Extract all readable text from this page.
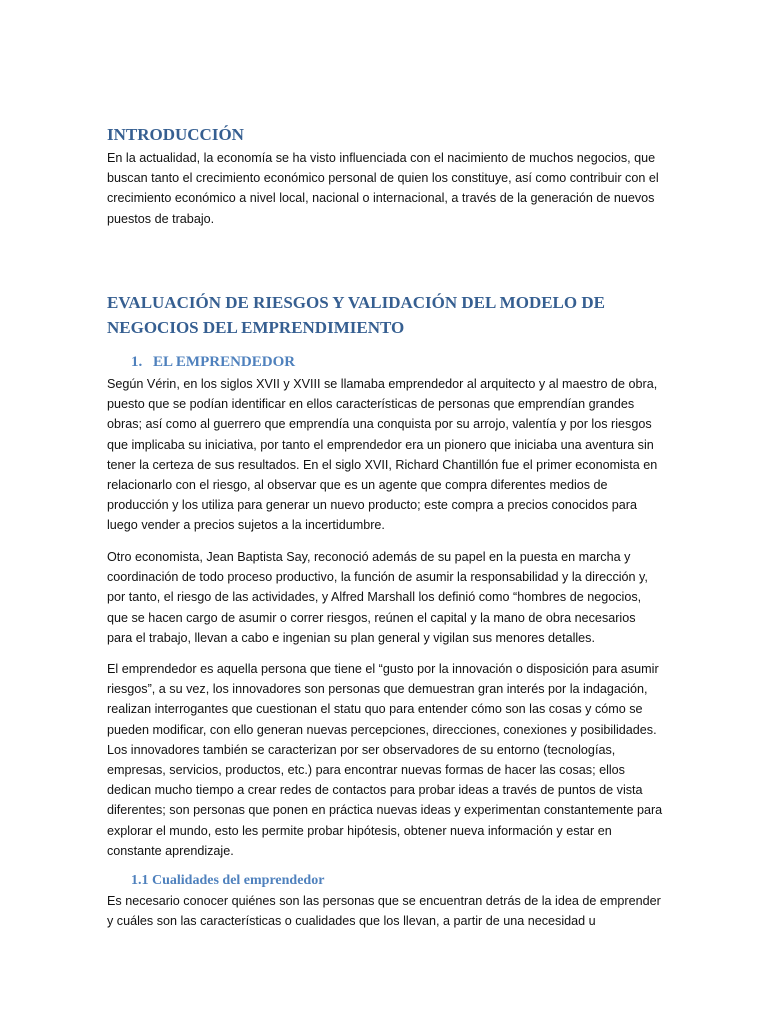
INTRODUCCIÓN

En la actualidad, la economía se ha visto influenciada con el nacimiento de muchos negocios, que buscan tanto el crecimiento económico personal de quien los constituye, así como contribuir con el crecimiento económico a nivel local, nacional o internacional, a través de la generación de nuevos puestos de trabajo.

EVALUACIÓN DE RIESGOS Y VALIDACIÓN DEL MODELO DE NEGOCIOS DEL EMPRENDIMIENTO
1. EL EMPRENDEDOR

Según Vérin, en los siglos XVII y XVIII se llamaba emprendedor al arquitecto y al maestro de obra, puesto que se podían identificar en ellos características de personas que emprendían grandes obras; así como al guerrero que emprendía una conquista por su arrojo, valentía y por los riesgos que implicaba su iniciativa, por tanto el emprendedor era un pionero que iniciaba una aventura sin tener la certeza de sus resultados. En el siglo XVII, Richard Chantillón fue el primer economista en relacionarlo con el riesgo, al observar que es un agente que compra diferentes medios de producción y los utiliza para generar un nuevo producto; este compra a precios conocidos para luego vender a precios sujetos a la incertidumbre.

Otro economista, Jean Baptista Say, reconoció además de su papel en la puesta en marcha y coordinación de todo proceso productivo, la función de asumir la responsabilidad y la dirección y, por tanto, el riesgo de las actividades, y Alfred Marshall los definió como “hombres de negocios, que se hacen cargo de asumir o correr riesgos, reúnen el capital y la mano de obra necesarios para el trabajo, llevan a cabo e ingenian su plan general y vigilan sus menores detalles.

El emprendedor es aquella persona que tiene el “gusto por la innovación o disposición para asumir riesgos”, a su vez, los innovadores son personas que demuestran gran interés por la indagación, realizan interrogantes que cuestionan el statu quo para entender cómo son las cosas y cómo se pueden modificar, con ello generan nuevas percepciones, direcciones, conexiones y posibilidades. Los innovadores también se caracterizan por ser observadores de su entorno (tecnologías, empresas, servicios, productos, etc.) para encontrar nuevas formas de hacer las cosas; ellos dedican mucho tiempo a crear redes de contactos para probar ideas a través de puntos de vista diferentes; son personas que ponen en práctica nuevas ideas y experimentan constantemente para explorar el mundo, esto les permite probar hipótesis, obtener nueva información y estar en constante aprendizaje.

1.1 Cualidades del emprendedor

Es necesario conocer quiénes son las personas que se encuentran detrás de la idea de emprender y cuáles son las características o cualidades que los llevan, a partir de una necesidad u
